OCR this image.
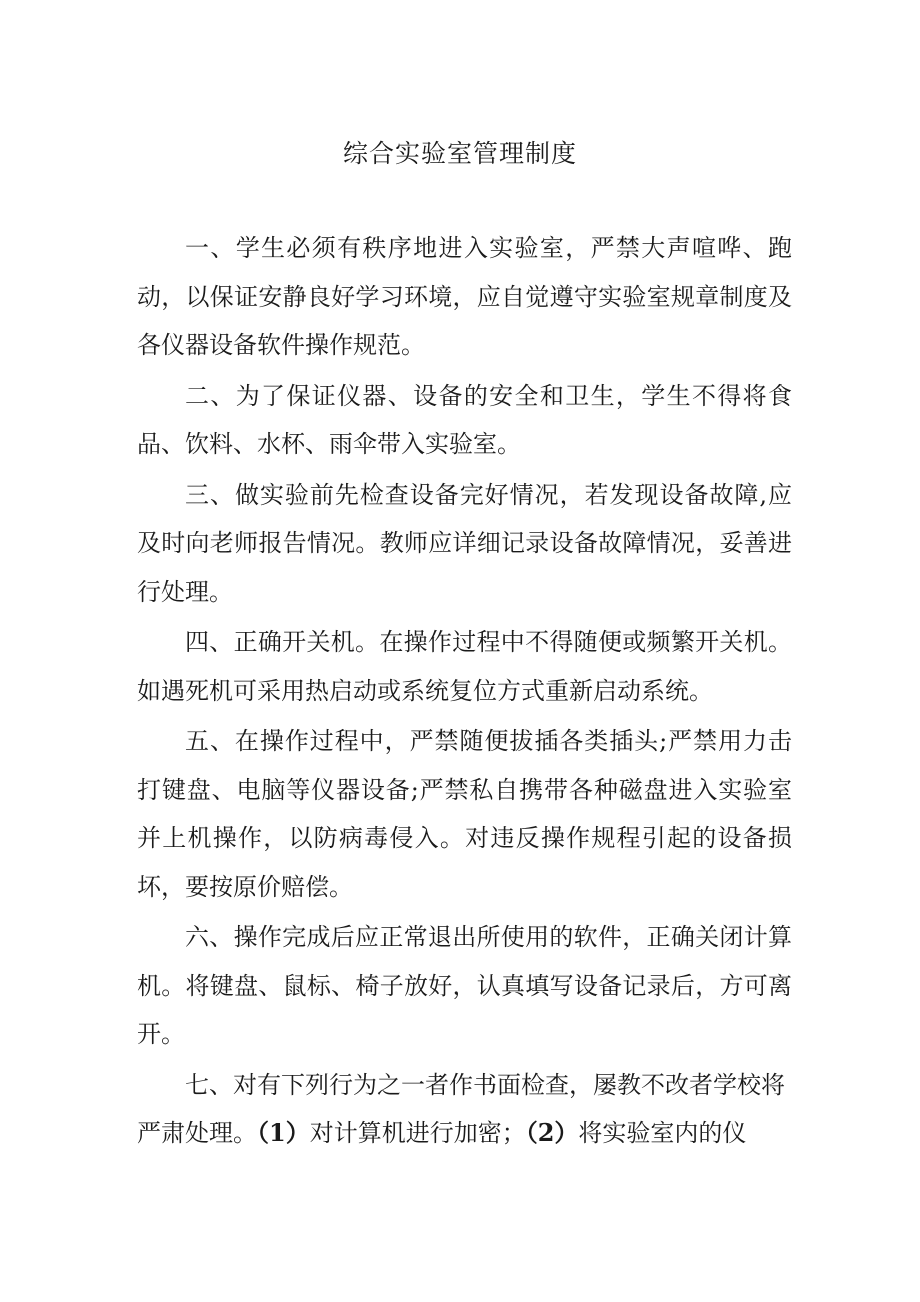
综合实验室管理制度

一、学生必须有秩序地进入实验室，严禁大声喧哗、跑动，以保证安静良好学习环境，应自觉遵守实验室规章制度及各仪器设备软件操作规范。

二、为了保证仪器、设备的安全和卫生，学生不得将食品、饮料、水杯、雨伞带入实验室。

三、做实验前先检查设备完好情况，若发现设备故障,应及时向老师报告情况。教师应详细记录设备故障情况，妥善进行处理。

四、正确开关机。在操作过程中不得随便或频繁开关机。如遇死机可采用热启动或系统复位方式重新启动系统。

五、在操作过程中，严禁随便拔插各类插头;严禁用力击打键盘、电脑等仪器设备;严禁私自携带各种磁盘进入实验室并上机操作，以防病毒侵入。对违反操作规程引起的设备损坏，要按原价赔偿。

六、操作完成后应正常退出所使用的软件，正确关闭计算机。将键盘、鼠标、椅子放好，认真填写设备记录后，方可离开。

七、对有下列行为之一者作书面检查，屡教不改者学校将严肃处理。（1）对计算机进行加密；（2）将实验室内的仪
